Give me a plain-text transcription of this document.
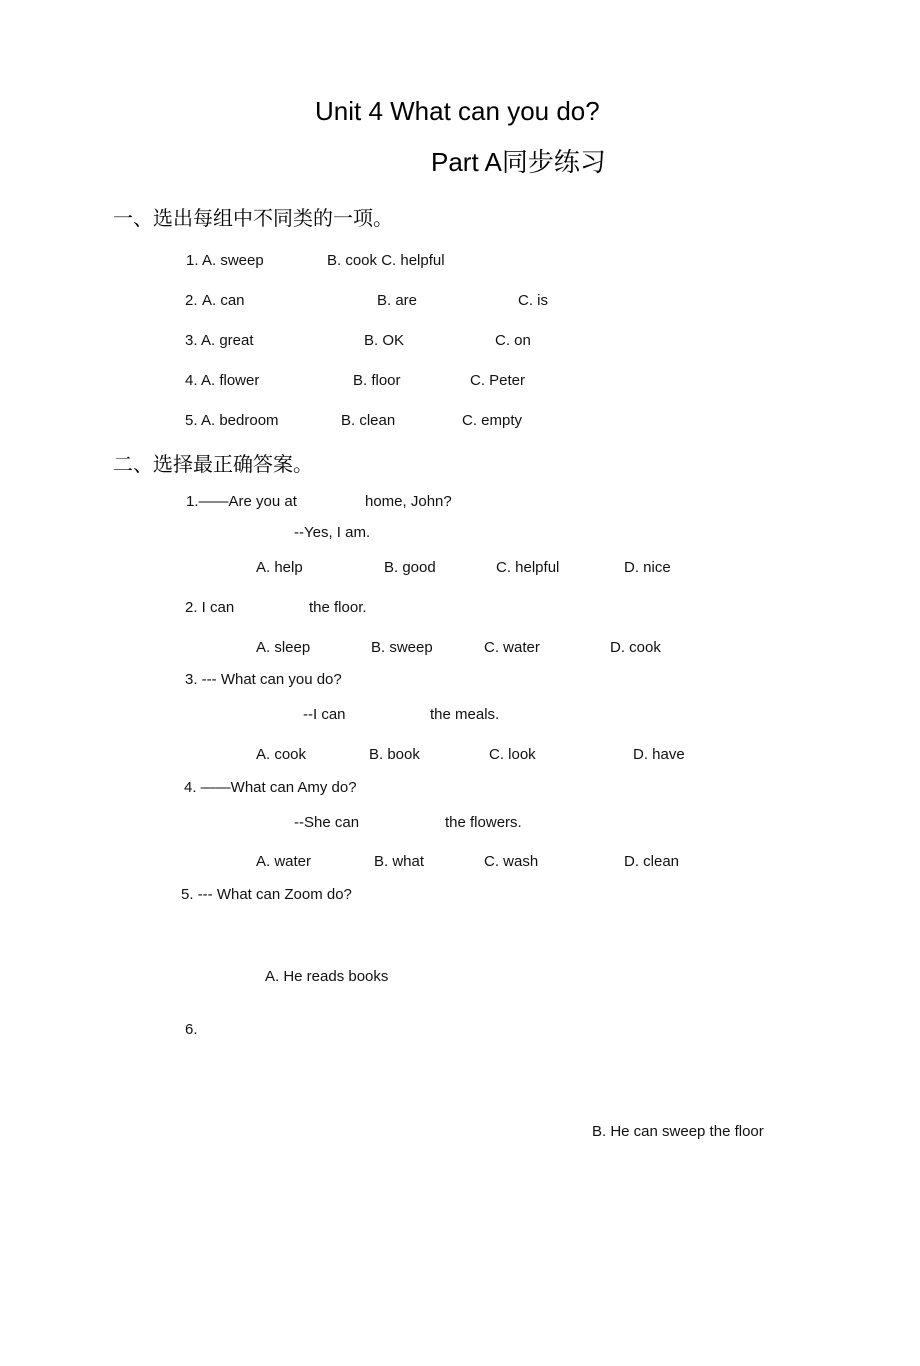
Unit 4 What can you do?
Part A同步练习
一、选出每组中不同类的一项。
1. A. sweep	B. cook C. helpful
2. A. can	B. are	C. is
3. A. great	B. OK	C. on
4. A. flower	B. floor	C. Peter
5. A. bedroom	B. clean	C. empty
二、选择最正确答案。
1.——Are you at	home, John?
--Yes, I am.
A. help	B. good	C. helpful	D. nice
2. I can	the floor.
A. sleep	B. sweep	C. water	D. cook
3. --- What can you do?
--I can	the meals.
A. cook	B. book	C. look	D. have
4. ——What can Amy do?
--She can	the flowers.
A. water	B. what	C. wash	D. clean
5. --- What can Zoom do?
A. He reads books
6.
B. He can sweep the floor
